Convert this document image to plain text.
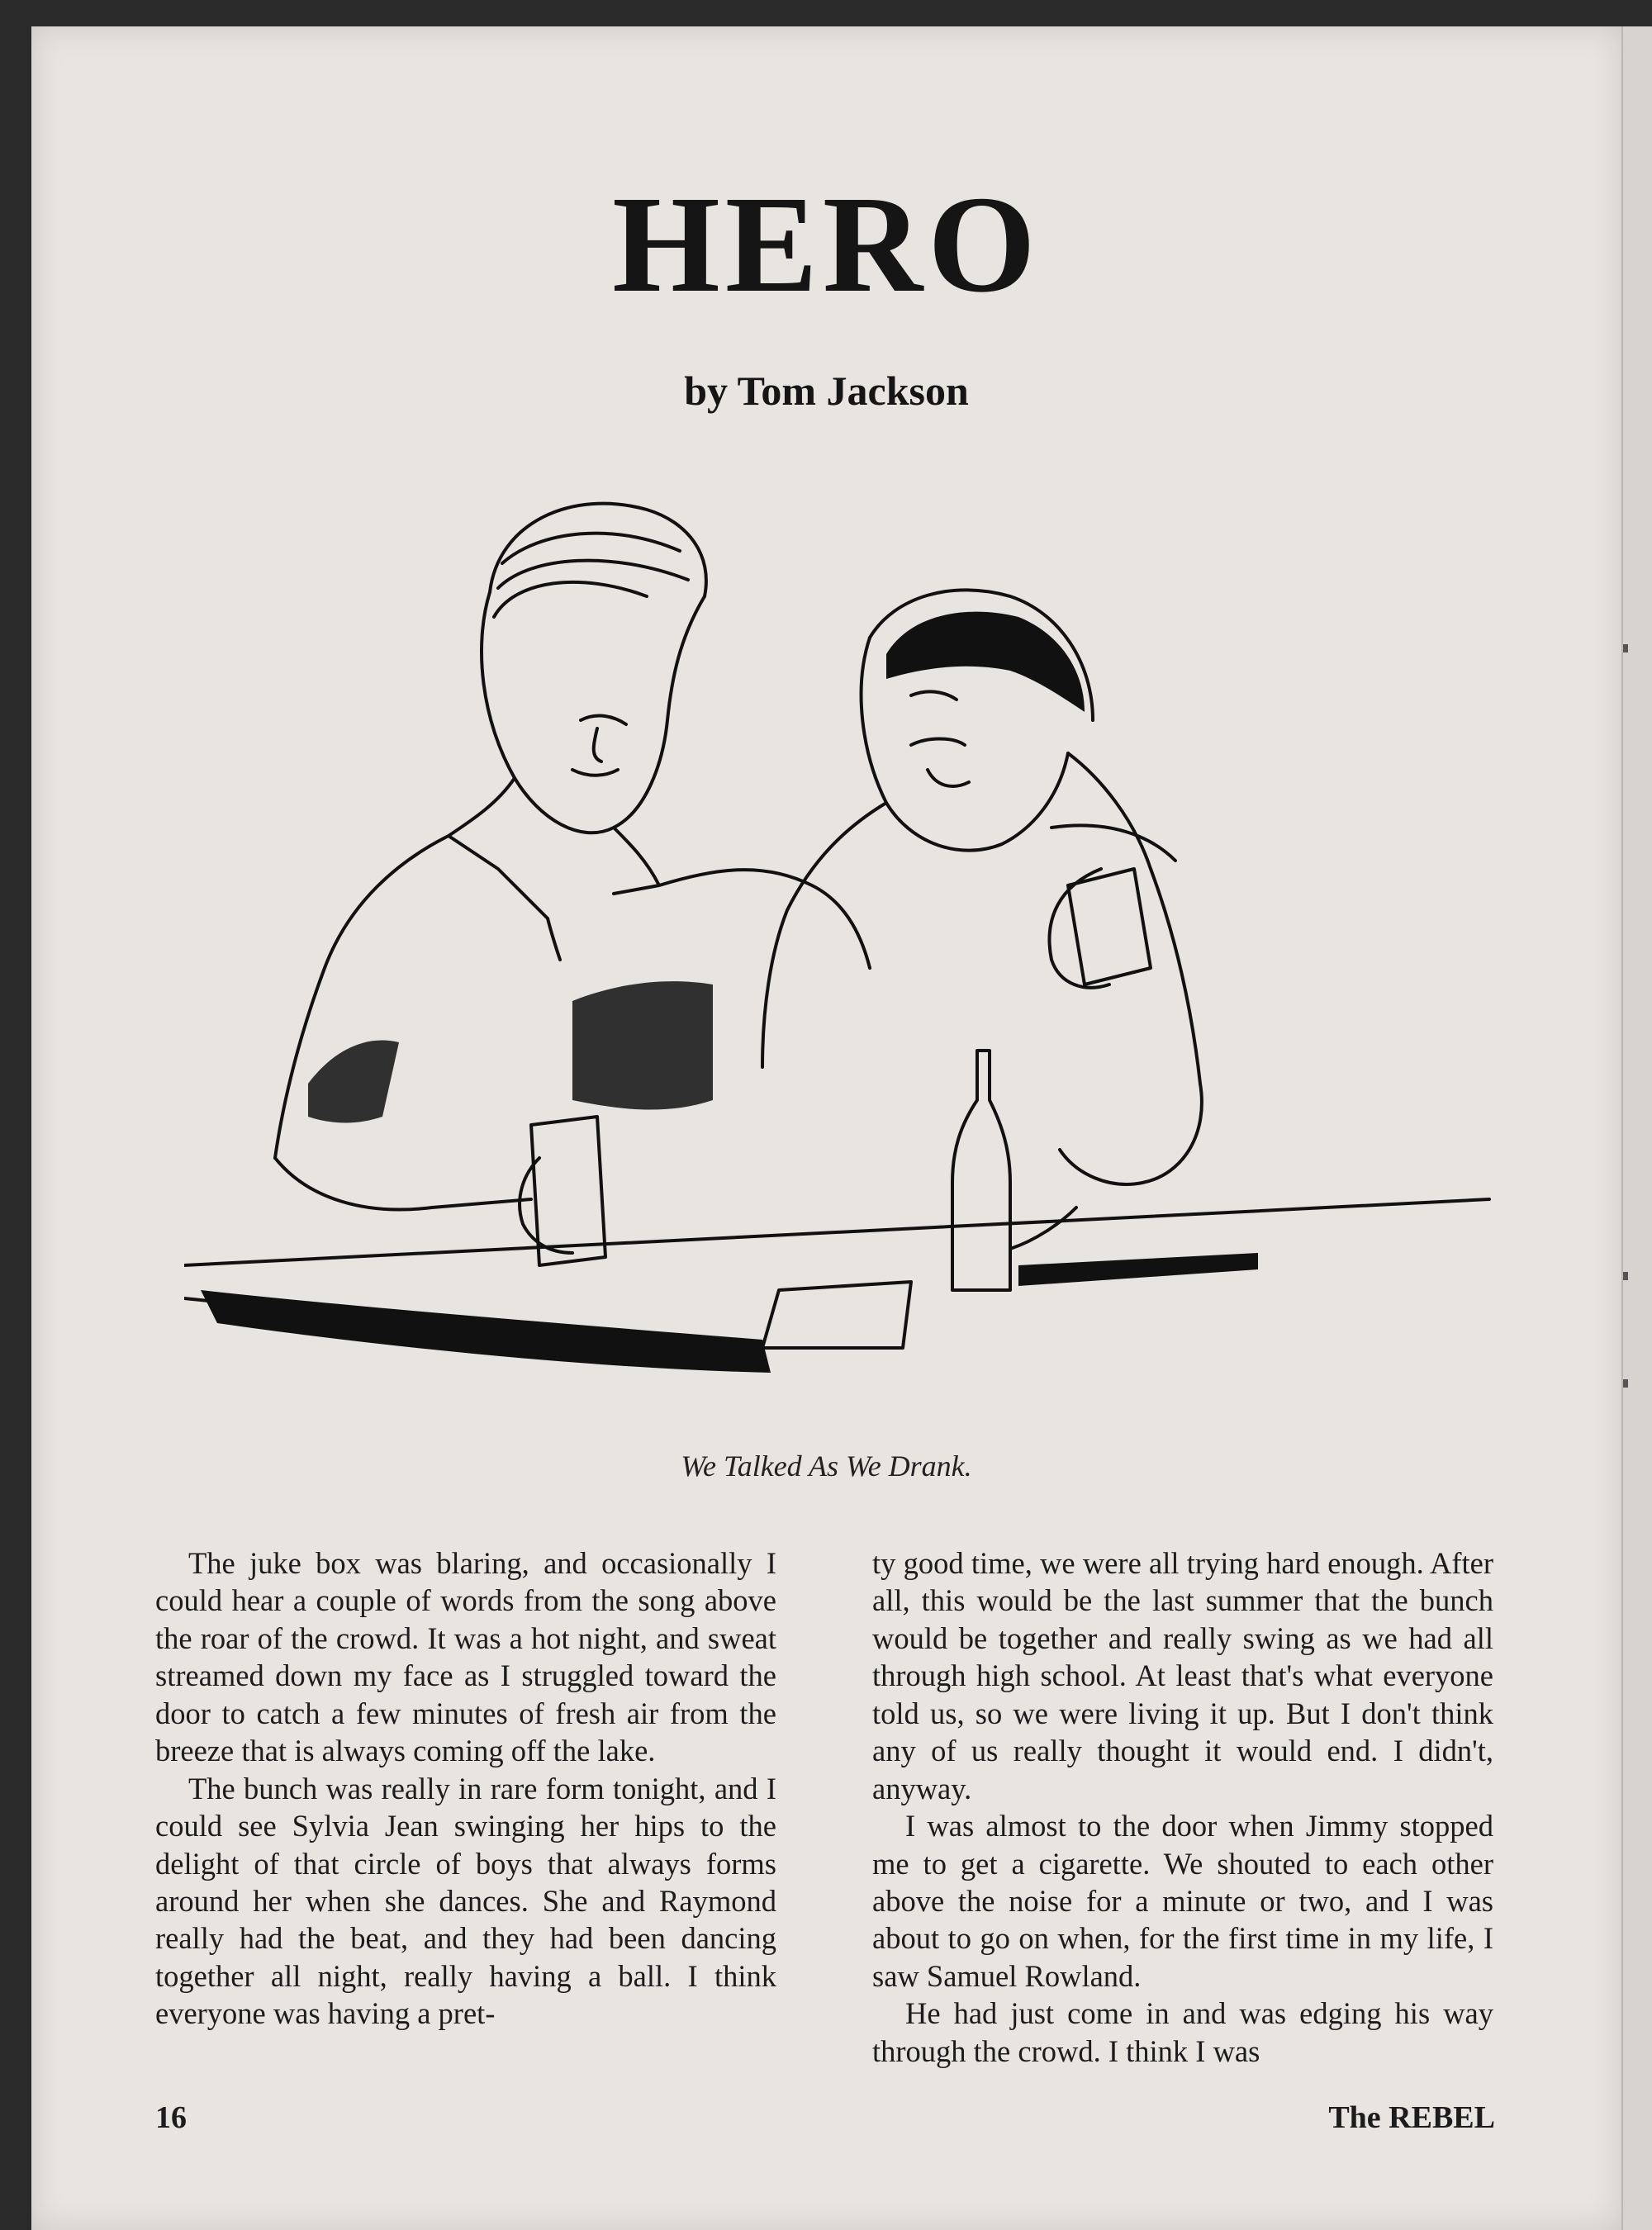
HERO
by Tom Jackson
We Talked As We Drank.

The juke box was blaring, and occasionally I could hear a couple of words from the song above the roar of the crowd. It was a hot night, and sweat streamed down my face as I struggled toward the door to catch a few minutes of fresh air from the breeze that is always coming off the lake.

The bunch was really in rare form tonight, and I could see Sylvia Jean swinging her hips to the delight of that circle of boys that always forms around her when she dances. She and Raymond really had the beat, and they had been dancing together all night, really having a ball. I think everyone was having a pret-

ty good time, we were all trying hard enough. After all, this would be the last summer that the bunch would be together and really swing as we had all through high school. At least that's what everyone told us, so we were living it up. But I don't think any of us really thought it would end. I didn't, anyway.

I was almost to the door when Jimmy stopped me to get a cigarette. We shouted to each other above the noise for a minute or two, and I was about to go on when, for the first time in my life, I saw Samuel Rowland.

He had just come in and was edging his way through the crowd. I think I was

16	The REBEL
